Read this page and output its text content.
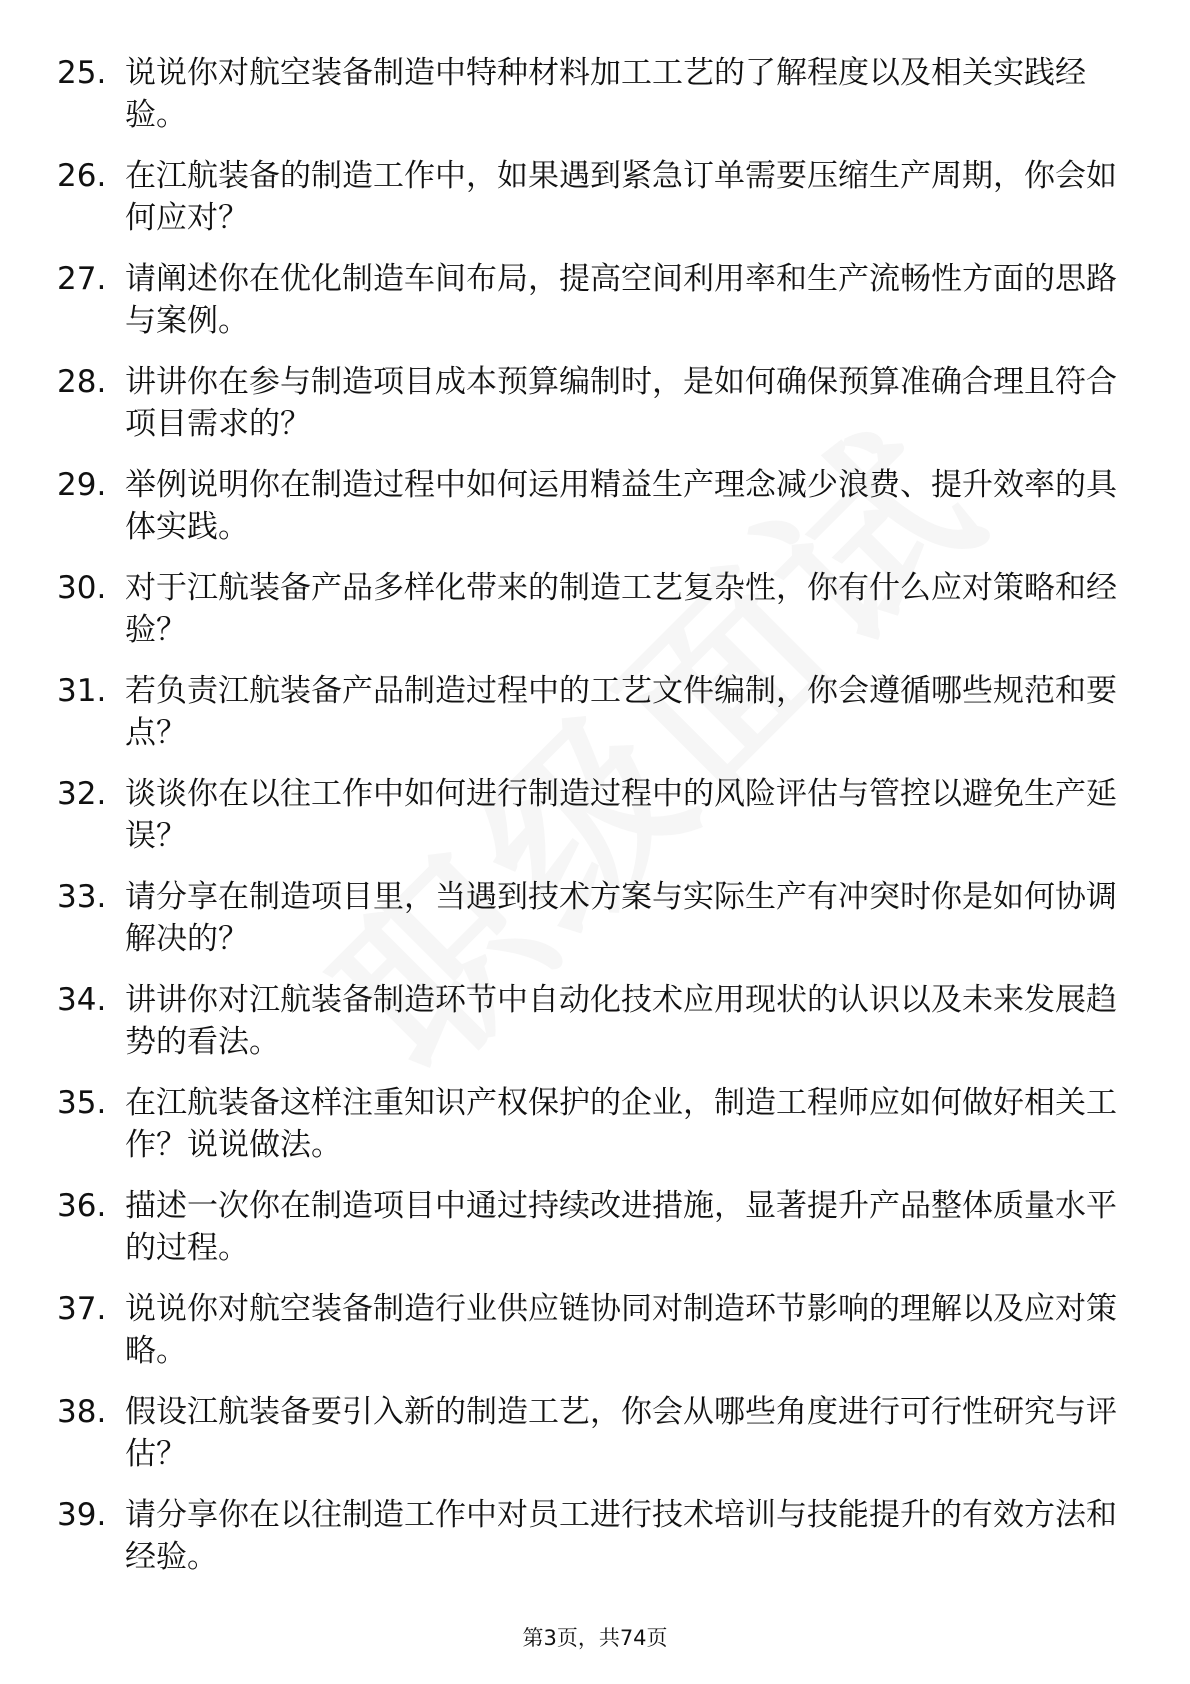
25. 说说你对航空装备制造中特种材料加工工艺的了解程度以及相关实践经验。
26. 在江航装备的制造工作中，如果遇到紧急订单需要压缩生产周期，你会如何应对？
27. 请阐述你在优化制造车间布局，提高空间利用率和生产流畅性方面的思路与案例。
28. 讲讲你在参与制造项目成本预算编制时，是如何确保预算准确合理且符合项目需求的？
29. 举例说明你在制造过程中如何运用精益生产理念减少浪费、提升效率的具体实践。
30. 对于江航装备产品多样化带来的制造工艺复杂性，你有什么应对策略和经验？
31. 若负责江航装备产品制造过程中的工艺文件编制，你会遵循哪些规范和要点？
32. 谈谈你在以往工作中如何进行制造过程中的风险评估与管控以避免生产延误？
33. 请分享在制造项目里，当遇到技术方案与实际生产有冲突时你是如何协调解决的？
34. 讲讲你对江航装备制造环节中自动化技术应用现状的认识以及未来发展趋势的看法。
35. 在江航装备这样注重知识产权保护的企业，制造工程师应如何做好相关工作？说说做法。
36. 描述一次你在制造项目中通过持续改进措施，显著提升产品整体质量水平的过程。
37. 说说你对航空装备制造行业供应链协同对制造环节影响的理解以及应对策略。
38. 假设江航装备要引入新的制造工艺，你会从哪些角度进行可行性研究与评估？
39. 请分享你在以往制造工作中对员工进行技术培训与技能提升的有效方法和经验。
第3页，共74页
